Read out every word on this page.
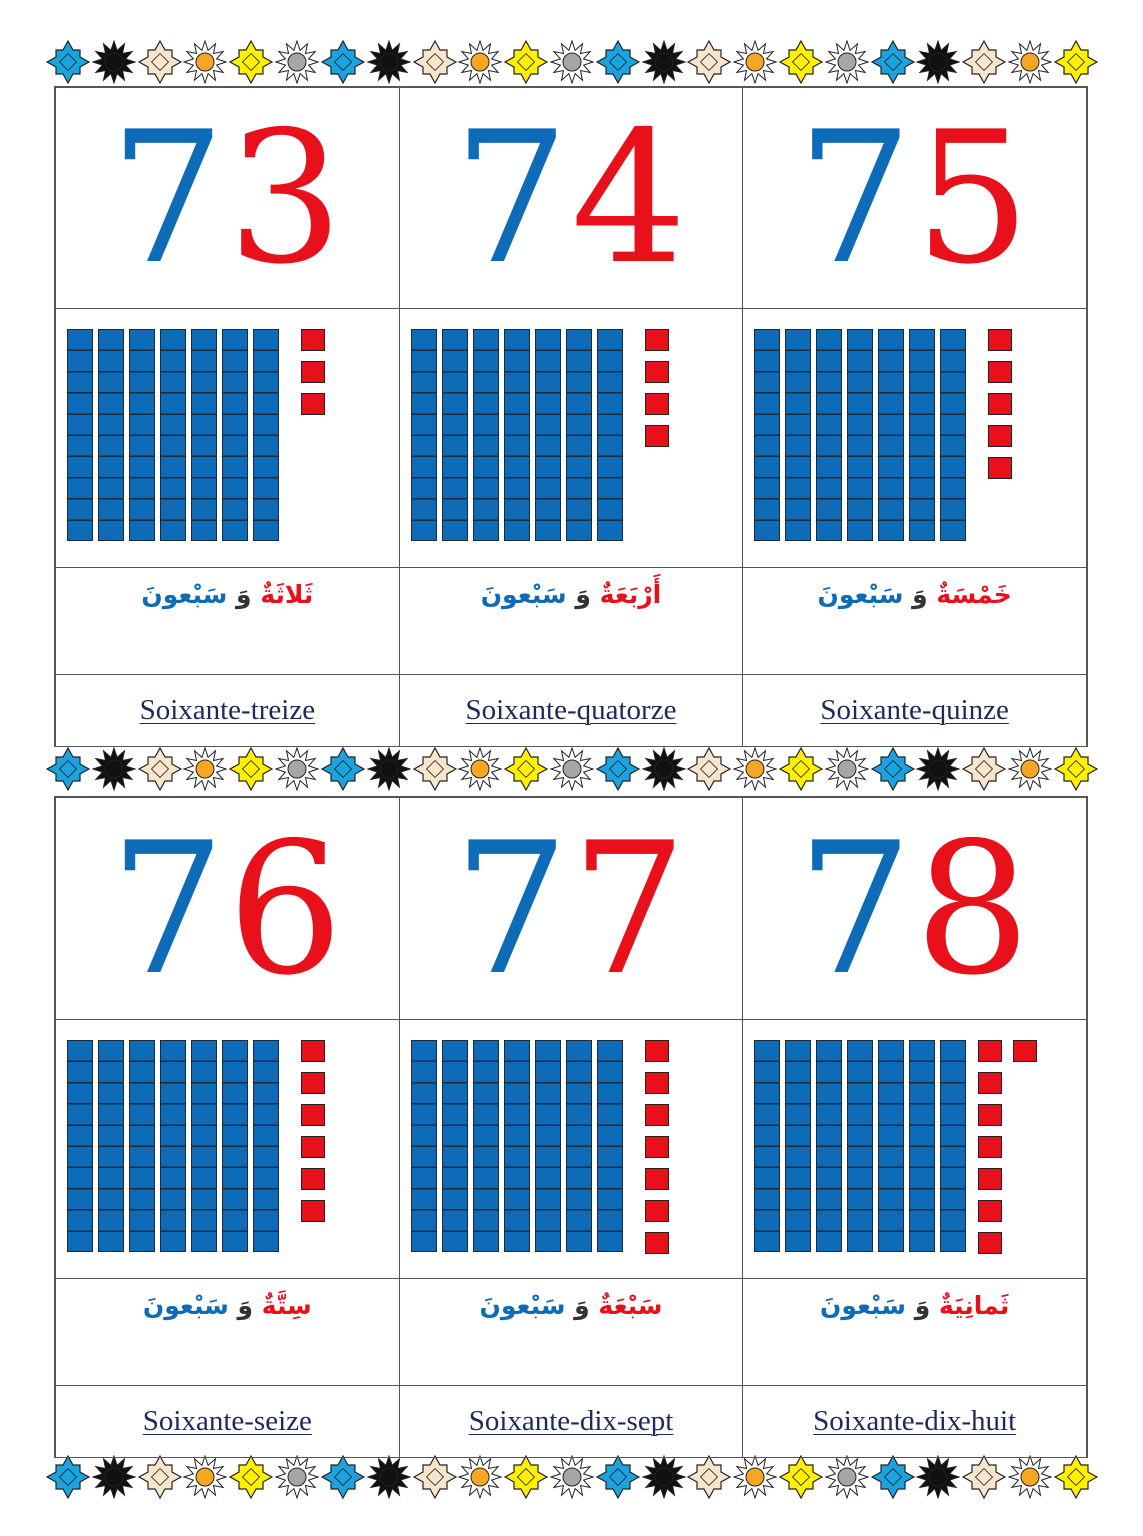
73	74	75

ثَلاثَةٌ وَ سَبْعونَ	أَرْبَعَةٌ وَ سَبْعونَ	خَمْسَةٌ وَ سَبْعونَ
Soixante-treize	Soixante-quatorze	Soixante-quinze
76	77	78

سِتَّةٌ وَ سَبْعونَ	سَبْعَةٌ وَ سَبْعونَ	ثَمانِيَةٌ وَ سَبْعونَ
Soixante-seize	Soixante-dix-sept	Soixante-dix-huit
